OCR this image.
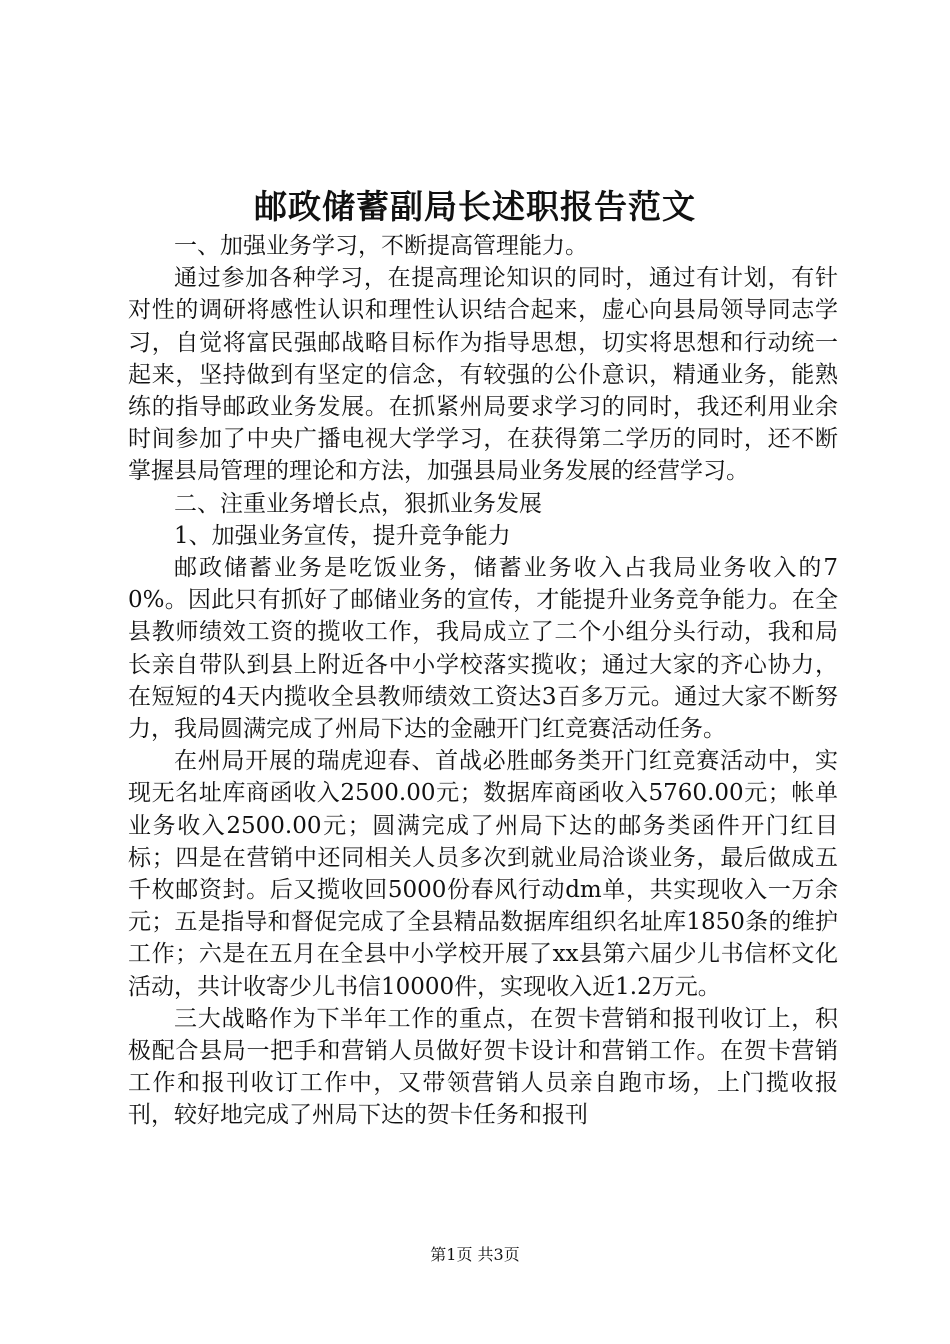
邮政储蓄副局长述职报告范文

一、加强业务学习，不断提高管理能力。

通过参加各种学习，在提高理论知识的同时，通过有计划，有针对性的调研将感性认识和理性认识结合起来，虚心向县局领导同志学习，自觉将富民强邮战略目标作为指导思想，切实将思想和行动统一起来，坚持做到有坚定的信念，有较强的公仆意识，精通业务，能熟练的指导邮政业务发展。在抓紧州局要求学习的同时，我还利用业余时间参加了中央广播电视大学学习，在获得第二学历的同时，还不断掌握县局管理的理论和方法，加强县局业务发展的经营学习。

二、注重业务增长点，狠抓业务发展

1、加强业务宣传，提升竞争能力

邮政储蓄业务是吃饭业务，储蓄业务收入占我局业务收入的70%。因此只有抓好了邮储业务的宣传，才能提升业务竞争能力。在全县教师绩效工资的揽收工作，我局成立了二个小组分头行动，我和局长亲自带队到县上附近各中小学校落实揽收；通过大家的齐心协力，在短短的4天内揽收全县教师绩效工资达3百多万元。通过大家不断努力，我局圆满完成了州局下达的金融开门红竞赛活动任务。

在州局开展的瑞虎迎春、首战必胜邮务类开门红竞赛活动中，实现无名址库商函收入2500.00元；数据库商函收入5760.00元；帐单业务收入2500.00元；圆满完成了州局下达的邮务类函件开门红目标；四是在营销中还同相关人员多次到就业局洽谈业务，最后做成五千枚邮资封。后又揽收回5000份春风行动dm单，共实现收入一万余元；五是指导和督促完成了全县精品数据库组织名址库1850条的维护工作；六是在五月在全县中小学校开展了xx县第六届少儿书信杯文化活动，共计收寄少儿书信10000件，实现收入近1.2万元。

三大战略作为下半年工作的重点，在贺卡营销和报刊收订上，积极配合县局一把手和营销人员做好贺卡设计和营销工作。在贺卡营销工作和报刊收订工作中，又带领营销人员亲自跑市场，上门揽收报刊，较好地完成了州局下达的贺卡任务和报刊

第1页 共3页
